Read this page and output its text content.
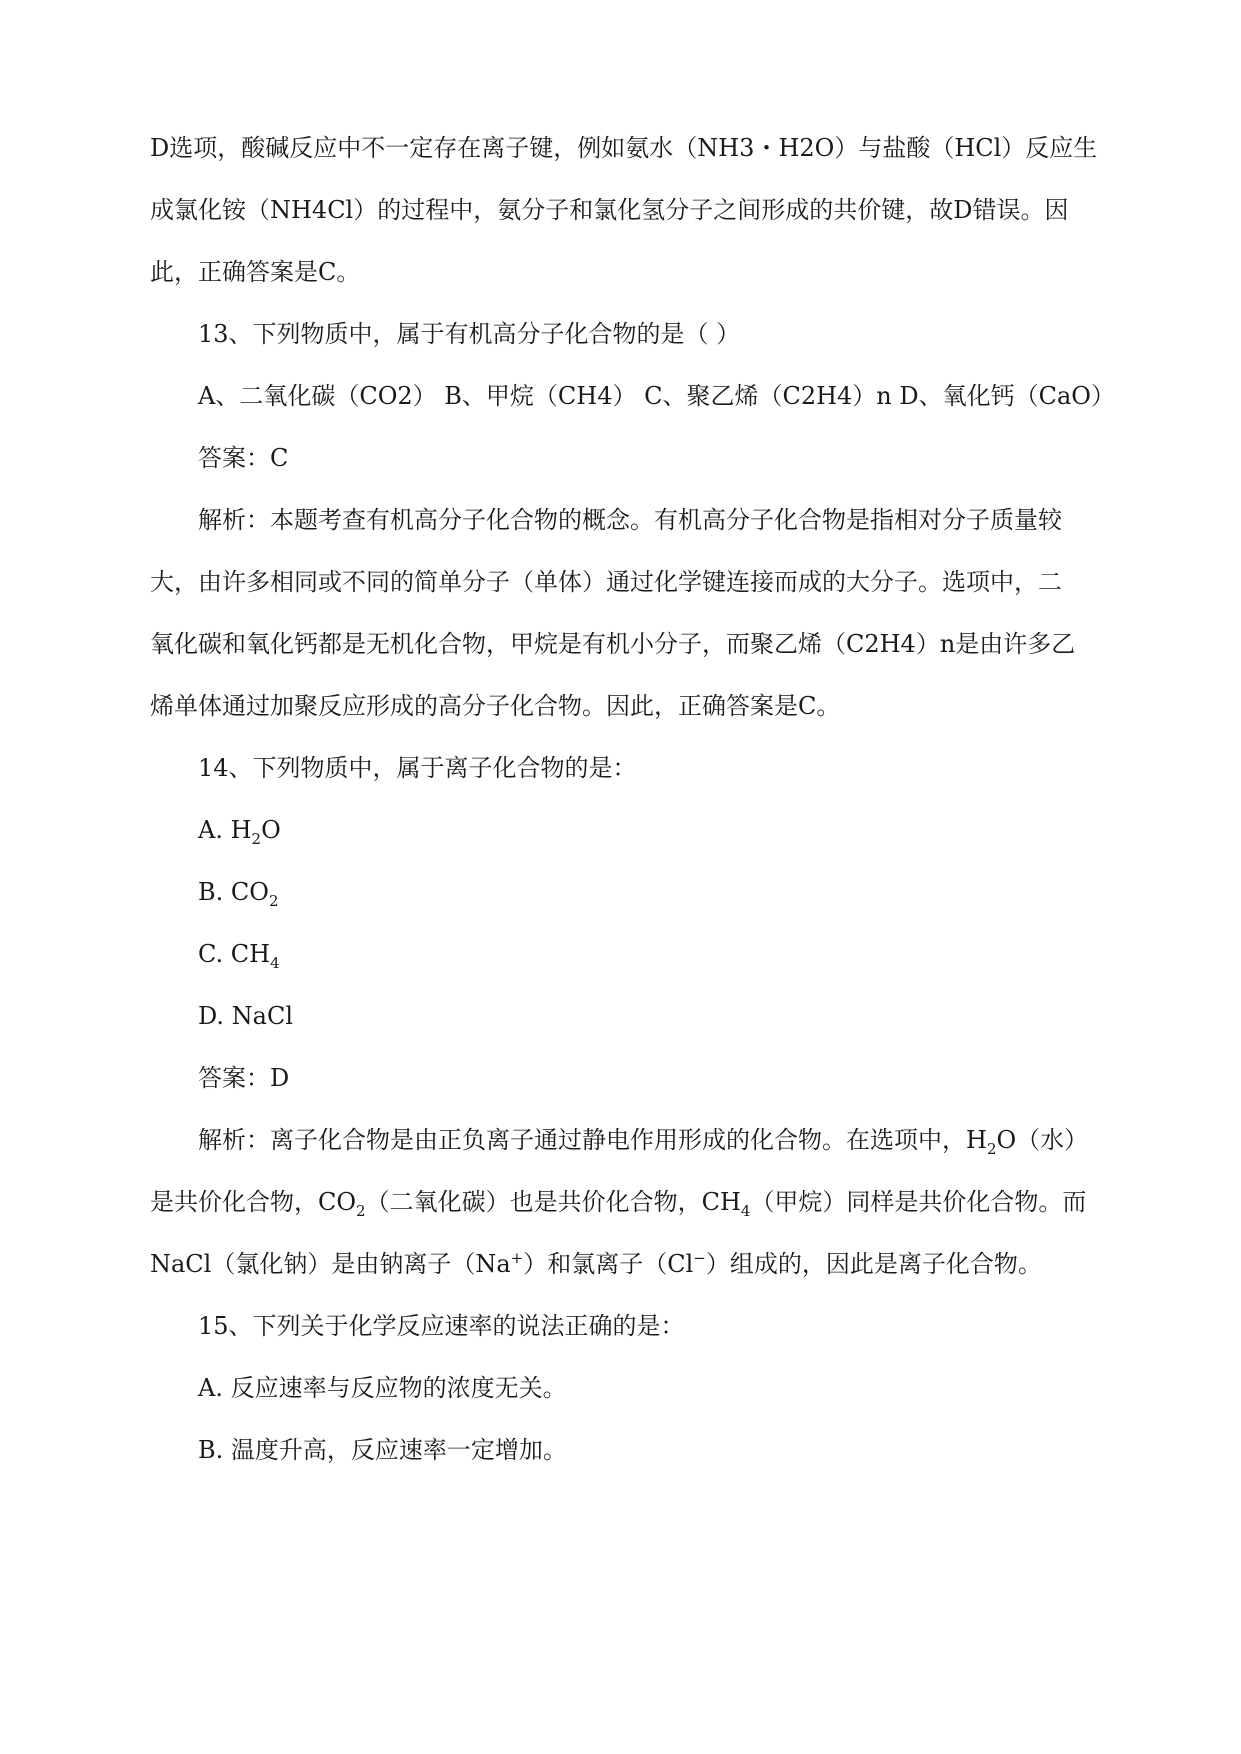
D选项，酸碱反应中不一定存在离子键，例如氨水（NH3・H2O）与盐酸（HCl）反应生
成氯化铵（NH4Cl）的过程中，氨分子和氯化氢分子之间形成的共价键，故D错误。因
此，正确答案是C。
13、下列物质中，属于有机高分子化合物的是（ ）
A、二氧化碳（CO2） B、甲烷（CH4） C、聚乙烯（C2H4）n D、氧化钙（CaO）
答案：C
解析：本题考查有机高分子化合物的概念。有机高分子化合物是指相对分子质量较
大，由许多相同或不同的简单分子（单体）通过化学键连接而成的大分子。选项中，二
氧化碳和氧化钙都是无机化合物，甲烷是有机小分子，而聚乙烯（C2H4）n是由许多乙
烯单体通过加聚反应形成的高分子化合物。因此，正确答案是C。
14、下列物质中，属于离子化合物的是：
A. $H_2O$
B. $CO_2$
C. $CH_4$
D. NaCl
答案：D
解析：离子化合物是由正负离子通过静电作用形成的化合物。在选项中，$H_2O$（水）
是共价化合物，$CO_2$（二氧化碳）也是共价化合物，$CH_4$（甲烷）同样是共价化合物。而
NaCl（氯化钠）是由钠离子（Na+）和氯离子（Cl−）组成的，因此是离子化合物。
15、下列关于化学反应速率的说法正确的是：
A. 反应速率与反应物的浓度无关。
B. 温度升高，反应速率一定增加。
